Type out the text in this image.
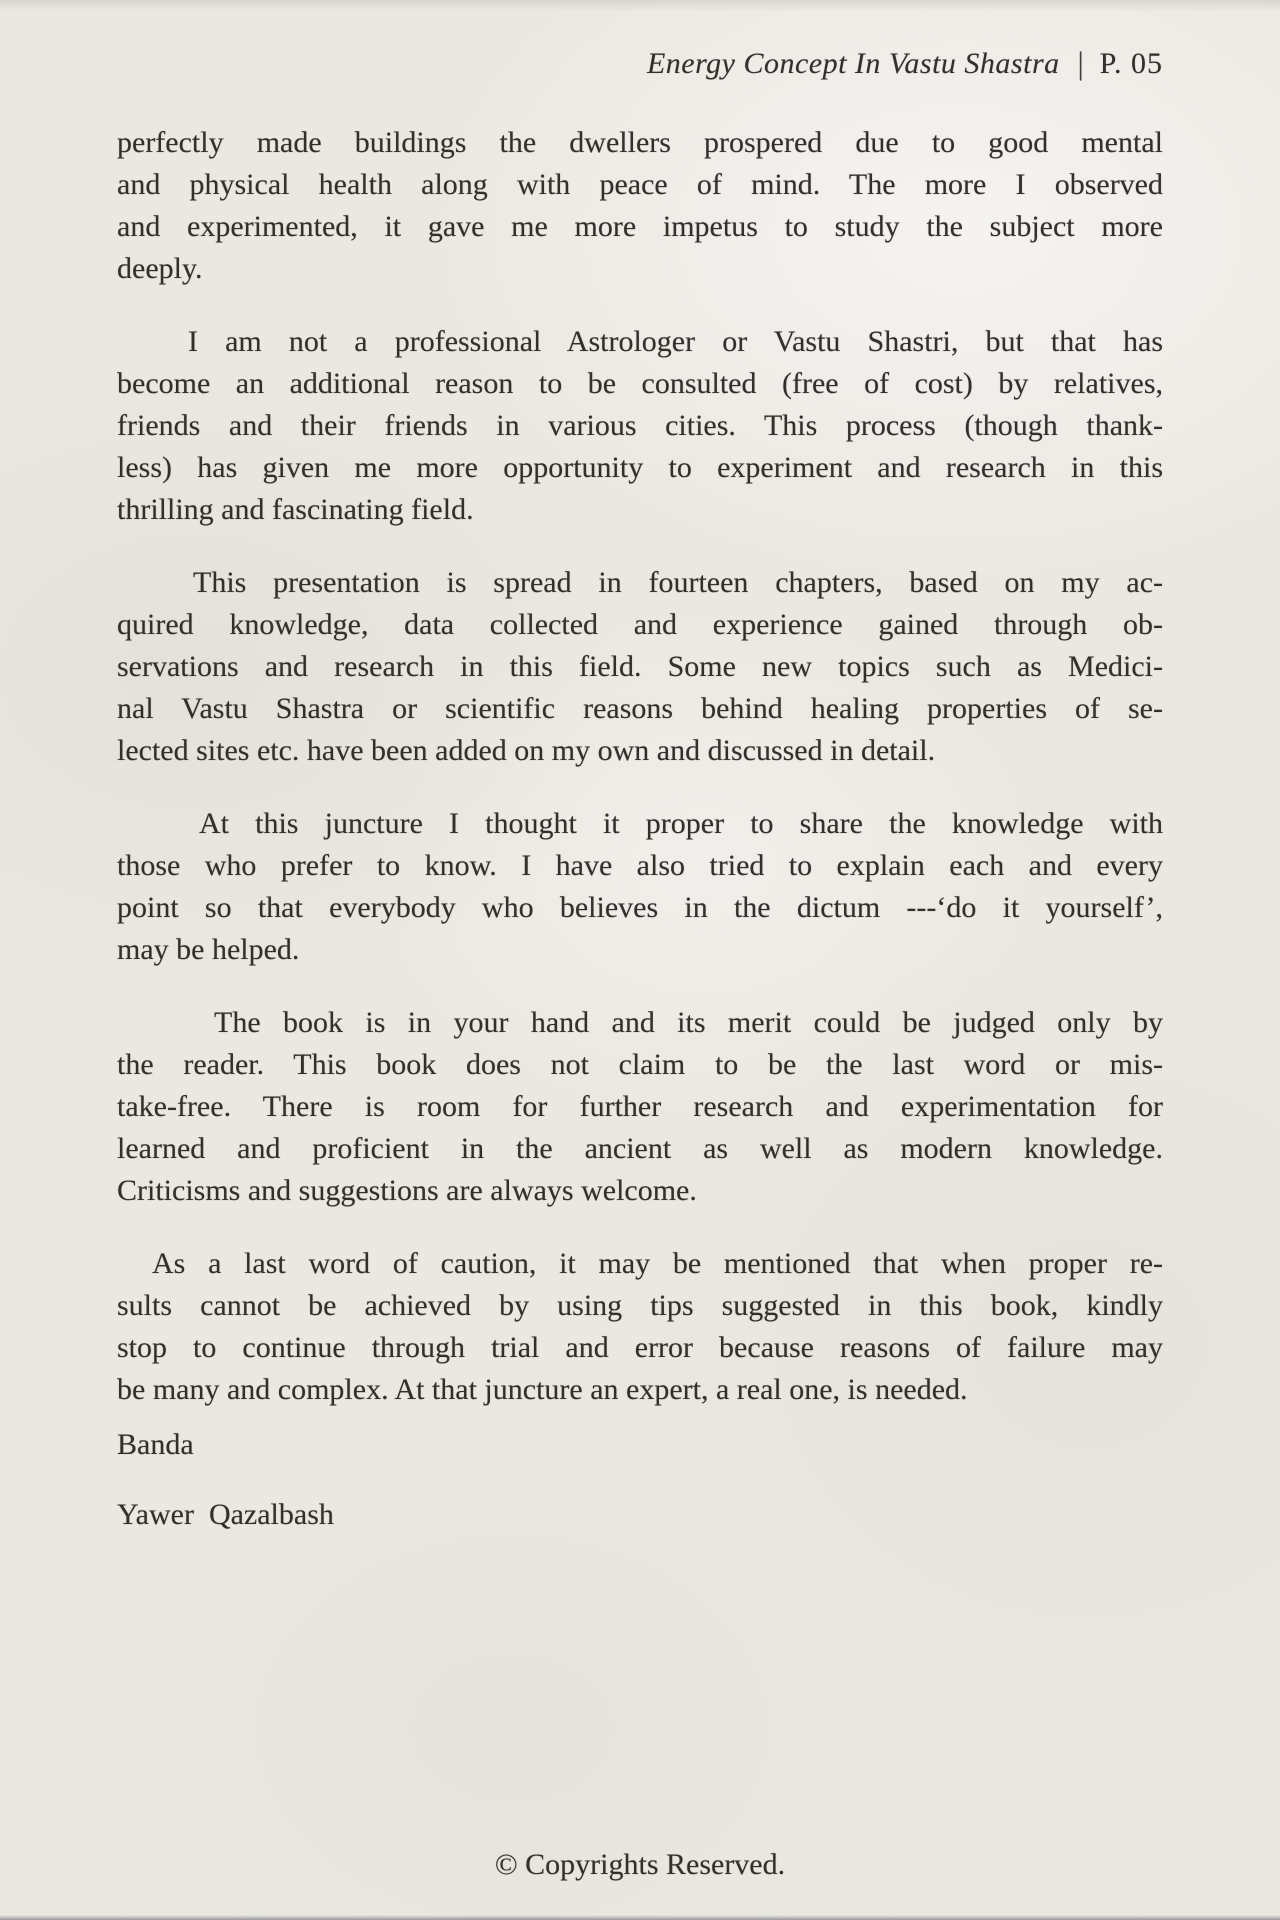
Energy Concept In Vastu Shastra | P. 05
perfectly made buildings the dwellers prospered due to good mental
and physical health along with peace of mind. The more I observed
and experimented, it gave me more impetus to study the subject more
deeply.
I am not a professional Astrologer or Vastu Shastri, but that has
become an additional reason to be consulted (free of cost) by relatives,
friends and their friends in various cities. This process (though thank-
less) has given me more opportunity to experiment and research in this
thrilling and fascinating field.
This presentation is spread in fourteen chapters, based on my ac-
quired knowledge, data collected and experience gained through ob-
servations and research in this field. Some new topics such as Medici-
nal Vastu Shastra or scientific reasons behind healing properties of se-
lected sites etc. have been added on my own and discussed in detail.
At this juncture I thought it proper to share the knowledge with
those who prefer to know. I have also tried to explain each and every
point so that everybody who believes in the dictum ---‘do it yourself’,
may be helped.
The book is in your hand and its merit could be judged only by
the reader. This book does not claim to be the last word or mis-
take-free. There is room for further research and experimentation for
learned and proficient in the ancient as well as modern knowledge.
Criticisms and suggestions are always welcome.
As a last word of caution, it may be mentioned that when proper re-
sults cannot be achieved by using tips suggested in this book, kindly
stop to continue through trial and error because reasons of failure may
be many and complex. At that juncture an expert, a real one, is needed.
Banda
Yawer  Qazalbash
© Copyrights Reserved.
